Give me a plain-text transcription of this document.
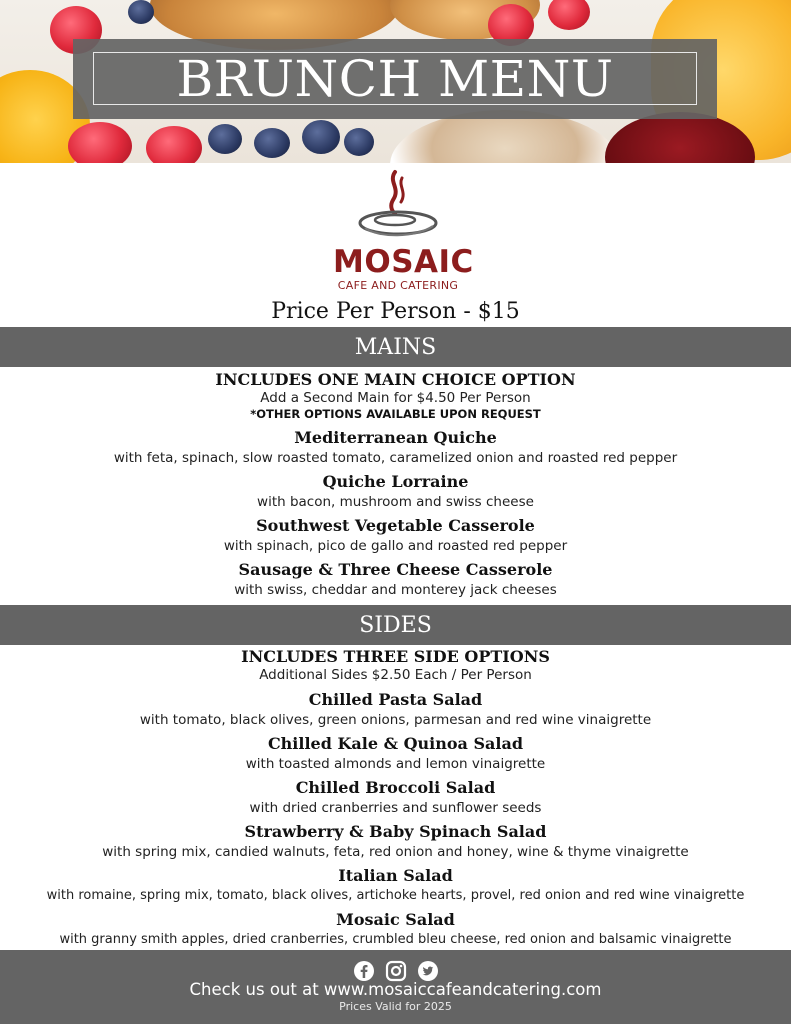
BRUNCH MENU
MOSAIC
CAFE AND CATERING
Price Per Person - $15
MAINS
INCLUDES ONE MAIN CHOICE OPTION
Add a Second Main for $4.50 Per Person
*OTHER OPTIONS AVAILABLE UPON REQUEST
Mediterranean Quiche
with feta, spinach, slow roasted tomato, caramelized onion and roasted red pepper
Quiche Lorraine
with bacon, mushroom and swiss cheese
Southwest Vegetable Casserole
with spinach, pico de gallo and roasted red pepper
Sausage & Three Cheese Casserole
with swiss, cheddar and monterey jack cheeses
SIDES
INCLUDES THREE SIDE OPTIONS
Additional Sides $2.50 Each / Per Person
Chilled Pasta Salad
with tomato, black olives, green onions, parmesan and red wine vinaigrette
Chilled Kale & Quinoa Salad
with toasted almonds and lemon vinaigrette
Chilled Broccoli Salad
with dried cranberries and sunflower seeds
Strawberry & Baby Spinach Salad
with spring mix, candied walnuts, feta, red onion and honey, wine & thyme vinaigrette
Italian Salad
with romaine, spring mix, tomato, black olives, artichoke hearts, provel, red onion and red wine vinaigrette
Mosaic Salad
with granny smith apples, dried cranberries, crumbled bleu cheese, red onion and balsamic vinaigrette
Check us out at www.mosaiccafeandcatering.com
Prices Valid for 2025
